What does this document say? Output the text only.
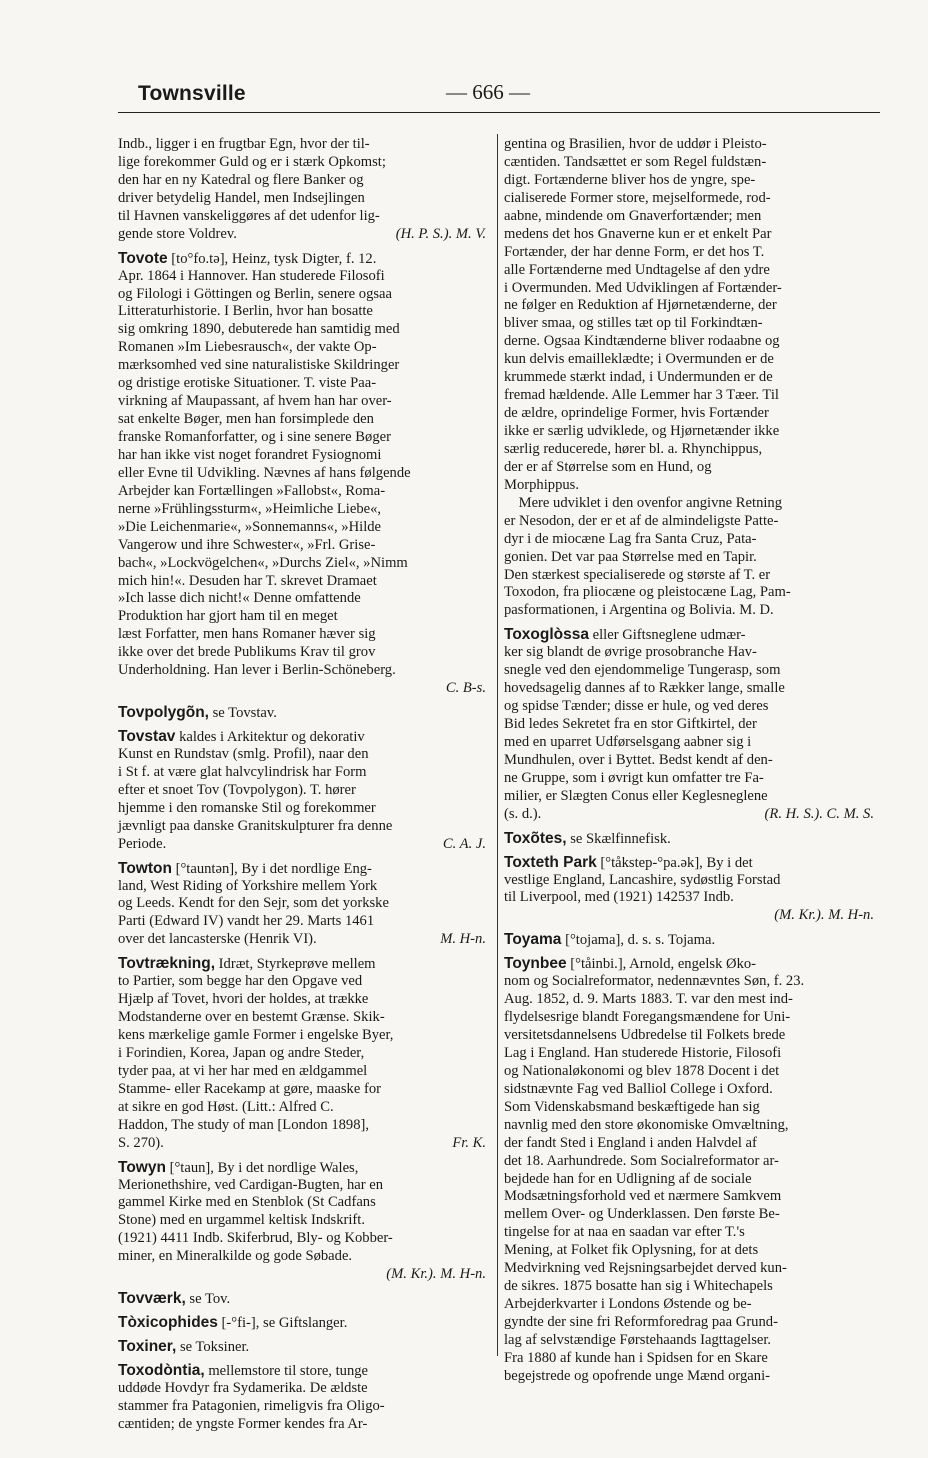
Townsville	— 666 —
Indb., ligger i en frugtbar Egn, hvor der til-
lige forekommer Guld og er i stærk Opkomst;
den har en ny Katedral og flere Banker og
driver betydelig Handel, men Indsejlingen
til Havnen vanskeliggøres af det udenfor lig-
gende store Voldrev.	(H. P. S.). M. V.
Tovote [to°fo.tə], Heinz, tysk Digter, f. 12.
Apr. 1864 i Hannover. Han studerede Filosofi
og Filologi i Göttingen og Berlin, senere ogsaa
Litteraturhistorie. I Berlin, hvor han bosatte
sig omkring 1890, debuterede han samtidig med
Romanen »Im Liebesrausch«, der vakte Op-
mærksomhed ved sine naturalistiske Skildringer
og dristige erotiske Situationer. T. viste Paa-
virkning af Maupassant, af hvem han har over-
sat enkelte Bøger, men han forsimplede den
franske Romanforfatter, og i sine senere Bøger
har han ikke vist noget forandret Fysiognomi
eller Evne til Udvikling. Nævnes af hans følgende
Arbejder kan Fortællingen »Fallobst«, Roma-
nerne »Frühlingssturm«, »Heimliche Liebe«,
»Die Leichenmarie«, »Sonnemanns«, »Hilde
Vangerow und ihre Schwester«, »Frl. Grise-
bach«, »Lockvögelchen«, »Durchs Ziel«, »Nimm
mich hin!«. Desuden har T. skrevet Dramaet
»Ich lasse dich nicht!« Denne omfattende
Produktion har gjort ham til en meget
læst Forfatter, men hans Romaner hæver sig
ikke over det brede Publikums Krav til grov
Underholdning. Han lever i Berlin-Schöneberg.
C. B-s.
Tovpolygõn, se Tovstav.
Tovstav kaldes i Arkitektur og dekorativ
Kunst en Rundstav (smlg. Profil), naar den
i St f. at være glat halvcylindrisk har Form
efter et snoet Tov (Tovpolygon). T. hører
hjemme i den romanske Stil og forekommer
jævnligt paa danske Granitskulpturer fra denne
Periode.	C. A. J.
Towton [°tauntən], By i det nordlige Eng-
land, West Riding of Yorkshire mellem York
og Leeds. Kendt for den Sejr, som det yorkske
Parti (Edward IV) vandt her 29. Marts 1461
over det lancasterske (Henrik VI).	M. H-n.
Tovtrækning, Idræt, Styrkeprøve mellem
to Partier, som begge har den Opgave ved
Hjælp af Tovet, hvori der holdes, at trække
Modstanderne over en bestemt Grænse. Skik-
kens mærkelige gamle Former i engelske Byer,
i Forindien, Korea, Japan og andre Steder,
tyder paa, at vi her har med en ældgammel
Stamme- eller Racekamp at gøre, maaske for
at sikre en god Høst. (Litt.: Alfred C.
Haddon, The study of man [London 1898],
S. 270).	Fr. K.
Towyn [°taun], By i det nordlige Wales,
Merionethshire, ved Cardigan-Bugten, har en
gammel Kirke med en Stenblok (St Cadfans
Stone) med en urgammel keltisk Indskrift.
(1921) 4411 Indb. Skiferbrud, Bly- og Kobber-
miner, en Mineralkilde og gode Søbade.
(M. Kr.). M. H-n.
Tovværk, se Tov.
Tòxicophides [-°fi-], se Giftslanger.
Toxiner, se Toksiner.
Toxodòntia, mellemstore til store, tunge
uddøde Hovdyr fra Sydamerika. De ældste
stammer fra Patagonien, rimeligvis fra Oligo-
cæntiden; de yngste Former kendes fra Ar-
gentina og Brasilien, hvor de uddør i Pleisto-
cæntiden. Tandsættet er som Regel fuldstæn-
digt. Fortænderne bliver hos de yngre, spe-
cialiserede Former store, mejselformede, rod-
aabne, mindende om Gnaverfortænder; men
medens det hos Gnaverne kun er et enkelt Par
Fortænder, der har denne Form, er det hos T.
alle Fortænderne med Undtagelse af den ydre
i Overmunden. Med Udviklingen af Fortænder-
ne følger en Reduktion af Hjørnetænderne, der
bliver smaa, og stilles tæt op til Forkindtæn-
derne. Ogsaa Kindtænderne bliver rodaabne og
kun delvis emailleklædte; i Overmunden er de
krummede stærkt indad, i Undermunden er de
fremad hældende. Alle Lemmer har 3 Tæer. Til
de ældre, oprindelige Former, hvis Fortænder
ikke er særlig udviklede, og Hjørnetænder ikke
særlig reducerede, hører bl. a. Rhynchippus,
der er af Størrelse som en Hund, og
Morphippus.
Mere udviklet i den ovenfor angivne Retning
er Nesodon, der er et af de almindeligste Patte-
dyr i de miocæne Lag fra Santa Cruz, Pata-
gonien. Det var paa Størrelse med en Tapir.
Den stærkest specialiserede og største af T. er
Toxodon, fra pliocæne og pleistocæne Lag, Pam-
pasformationen, i Argentina og Bolivia. M. D.
Toxoglòssa eller Giftsneglene udmær-
ker sig blandt de øvrige prosobranche Hav-
snegle ved den ejendommelige Tungerasp, som
hovedsagelig dannes af to Rækker lange, smalle
og spidse Tænder; disse er hule, og ved deres
Bid ledes Sekretet fra en stor Giftkirtel, der
med en uparret Udførselsgang aabner sig i
Mundhulen, over i Byttet. Bedst kendt af den-
ne Gruppe, som i øvrigt kun omfatter tre Fa-
milier, er Slægten Conus eller Keglesneglene
(s. d.).	(R. H. S.). C. M. S.
Toxõtes, se Skælfinnefisk.
Toxteth Park [°tåkstep-°pa.ək], By i det
vestlige England, Lancashire, sydøstlig Forstad
til Liverpool, med (1921) 142537 Indb.
(M. Kr.). M. H-n.
Toyama [°tojama], d. s. s. Tojama.
Toynbee [°tåinbi.], Arnold, engelsk Øko-
nom og Socialreformator, nedennævntes Søn, f. 23.
Aug. 1852, d. 9. Marts 1883. T. var den mest ind-
flydelsesrige blandt Foregangsmændene for Uni-
versitetsdannelsens Udbredelse til Folkets brede
Lag i England. Han studerede Historie, Filosofi
og Nationaløkonomi og blev 1878 Docent i det
sidstnævnte Fag ved Balliol College i Oxford.
Som Videnskabsmand beskæftigede han sig
navnlig med den store økonomiske Omvæltning,
der fandt Sted i England i anden Halvdel af
det 18. Aarhundrede. Som Socialreformator ar-
bejdede han for en Udligning af de sociale
Modsætningsforhold ved et nærmere Samkvem
mellem Over- og Underklassen. Den første Be-
tingelse for at naa en saadan var efter T.'s
Mening, at Folket fik Oplysning, for at dets
Medvirkning ved Rejsningsarbejdet derved kun-
de sikres. 1875 bosatte han sig i Whitechapels
Arbejderkvarter i Londons Østende og be-
gyndte der sine fri Reformforedrag paa Grund-
lag af selvstændige Førstehaands Iagttagelser.
Fra 1880 af kunde han i Spidsen for en Skare
begejstrede og opofrende unge Mænd organi-
